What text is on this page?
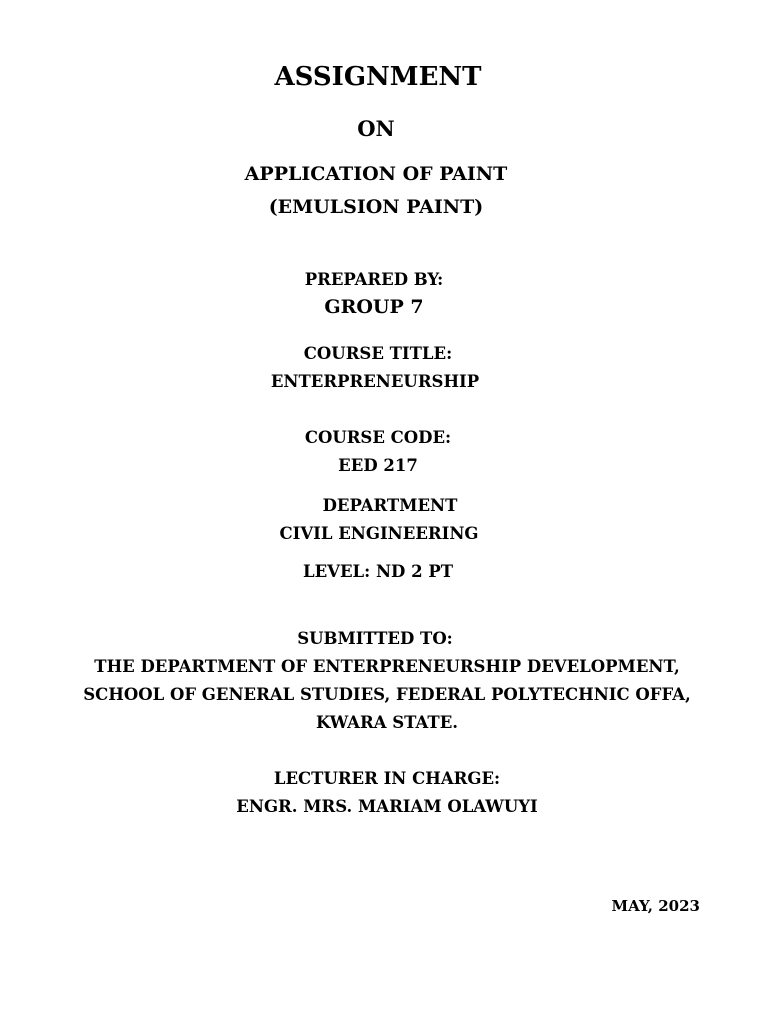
ASSIGNMENT
ON
APPLICATION OF PAINT
(EMULSION PAINT)
PREPARED BY:
GROUP 7
COURSE TITLE:
ENTERPRENEURSHIP
COURSE CODE:
EED 217
DEPARTMENT
CIVIL ENGINEERING
LEVEL: ND 2 PT
SUBMITTED TO:
THE DEPARTMENT OF ENTERPRENEURSHIP DEVELOPMENT,
SCHOOL OF GENERAL STUDIES, FEDERAL POLYTECHNIC OFFA,
KWARA STATE.
LECTURER IN CHARGE:
ENGR. MRS. MARIAM OLAWUYI
MAY, 2023
